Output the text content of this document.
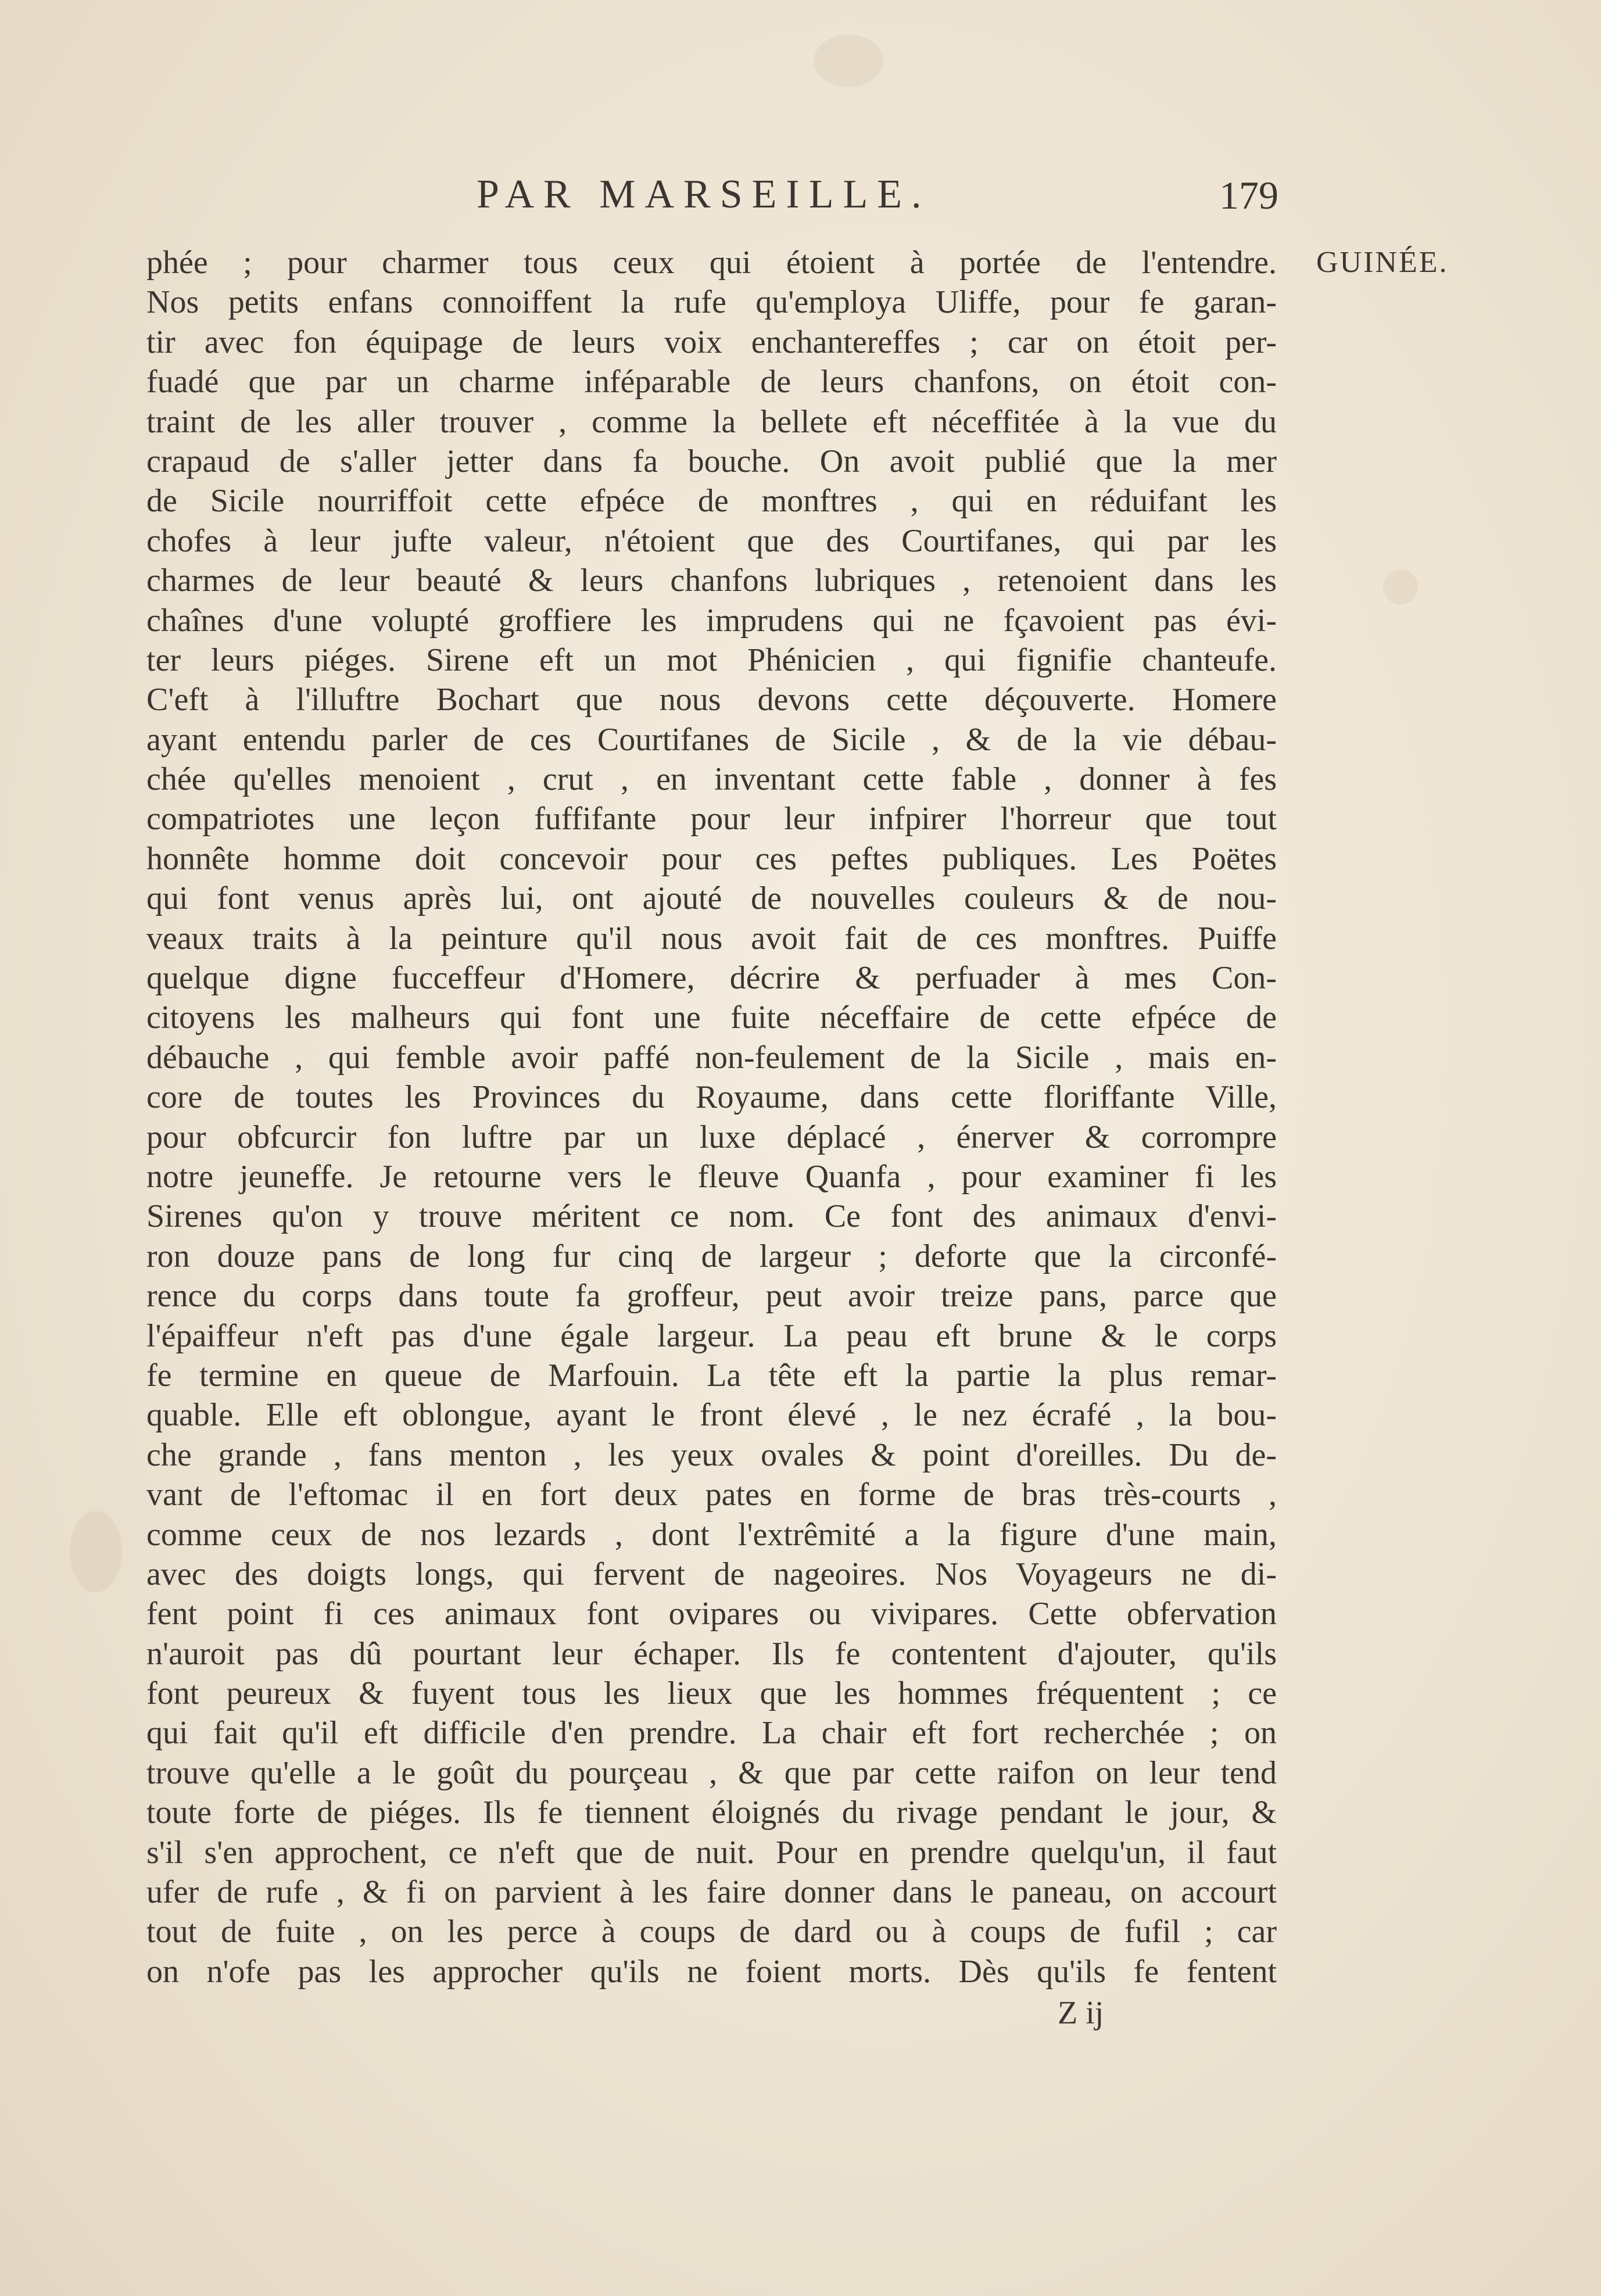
PAR MARSEILLE.	179
GUINÉE.
phée ; pour charmer tous ceux qui étoient à portée de l'entendre.
Nos petits enfans connoiffent la rufe qu'employa Uliffe, pour fe garan-
tir avec fon équipage de leurs voix enchantereffes ; car on étoit per-
fuadé que par un charme inféparable de leurs chanfons, on étoit con-
traint de les aller trouver , comme la bellete eft néceffitée à la vue du
crapaud de s'aller jetter dans fa bouche. On avoit publié que la mer
de Sicile nourriffoit cette efpéce de monftres , qui en réduifant les
chofes à leur jufte valeur, n'étoient que des Courtifanes, qui par les
charmes de leur beauté & leurs chanfons lubriques , retenoient dans les
chaînes d'une volupté groffiere les imprudens qui ne fçavoient pas évi-
ter leurs piéges. Sirene eft un mot Phénicien , qui fignifie chanteufe.
C'eft à l'illuftre Bochart que nous devons cette déçouverte. Homere
ayant entendu parler de ces Courtifanes de Sicile , & de la vie débau-
chée qu'elles menoient , crut , en inventant cette fable , donner à fes
compatriotes une leçon fuffifante pour leur infpirer l'horreur que tout
honnête homme doit concevoir pour ces peftes publiques. Les Poëtes
qui font venus après lui, ont ajouté de nouvelles couleurs & de nou-
veaux traits à la peinture qu'il nous avoit fait de ces monftres. Puiffe
quelque digne fucceffeur d'Homere, décrire & perfuader à mes Con-
citoyens les malheurs qui font une fuite néceffaire de cette efpéce de
débauche , qui femble avoir paffé non-feulement de la Sicile , mais en-
core de toutes les Provinces du Royaume, dans cette floriffante Ville,
pour obfcurcir fon luftre par un luxe déplacé , énerver & corrompre
notre jeuneffe. Je retourne vers le fleuve Quanfa , pour examiner fi les
Sirenes qu'on y trouve méritent ce nom. Ce font des animaux d'envi-
ron douze pans de long fur cinq de largeur ; deforte que la circonfé-
rence du corps dans toute fa groffeur, peut avoir treize pans, parce que
l'épaiffeur n'eft pas d'une égale largeur. La peau eft brune & le corps
fe termine en queue de Marfouin. La tête eft la partie la plus remar-
quable. Elle eft oblongue, ayant le front élevé , le nez écrafé , la bou-
che grande , fans menton , les yeux ovales & point d'oreilles. Du de-
vant de l'eftomac il en fort deux pates en forme de bras très-courts ,
comme ceux de nos lezards , dont l'extrêmité a la figure d'une main,
avec des doigts longs, qui fervent de nageoires. Nos Voyageurs ne di-
fent point fi ces animaux font ovipares ou vivipares. Cette obfervation
n'auroit pas dû pourtant leur échaper. Ils fe contentent d'ajouter, qu'ils
font peureux & fuyent tous les lieux que les hommes fréquentent ; ce
qui fait qu'il eft difficile d'en prendre. La chair eft fort recherchée ; on
trouve qu'elle a le goût du pourçeau , & que par cette raifon on leur tend
toute forte de piéges. Ils fe tiennent éloignés du rivage pendant le jour, &
s'il s'en approchent, ce n'eft que de nuit. Pour en prendre quelqu'un, il faut
ufer de rufe , & fi on parvient à les faire donner dans le paneau, on accourt
tout de fuite , on les perce à coups de dard ou à coups de fufil ; car
on n'ofe pas les approcher qu'ils ne foient morts. Dès qu'ils fe fentent
Z ij
